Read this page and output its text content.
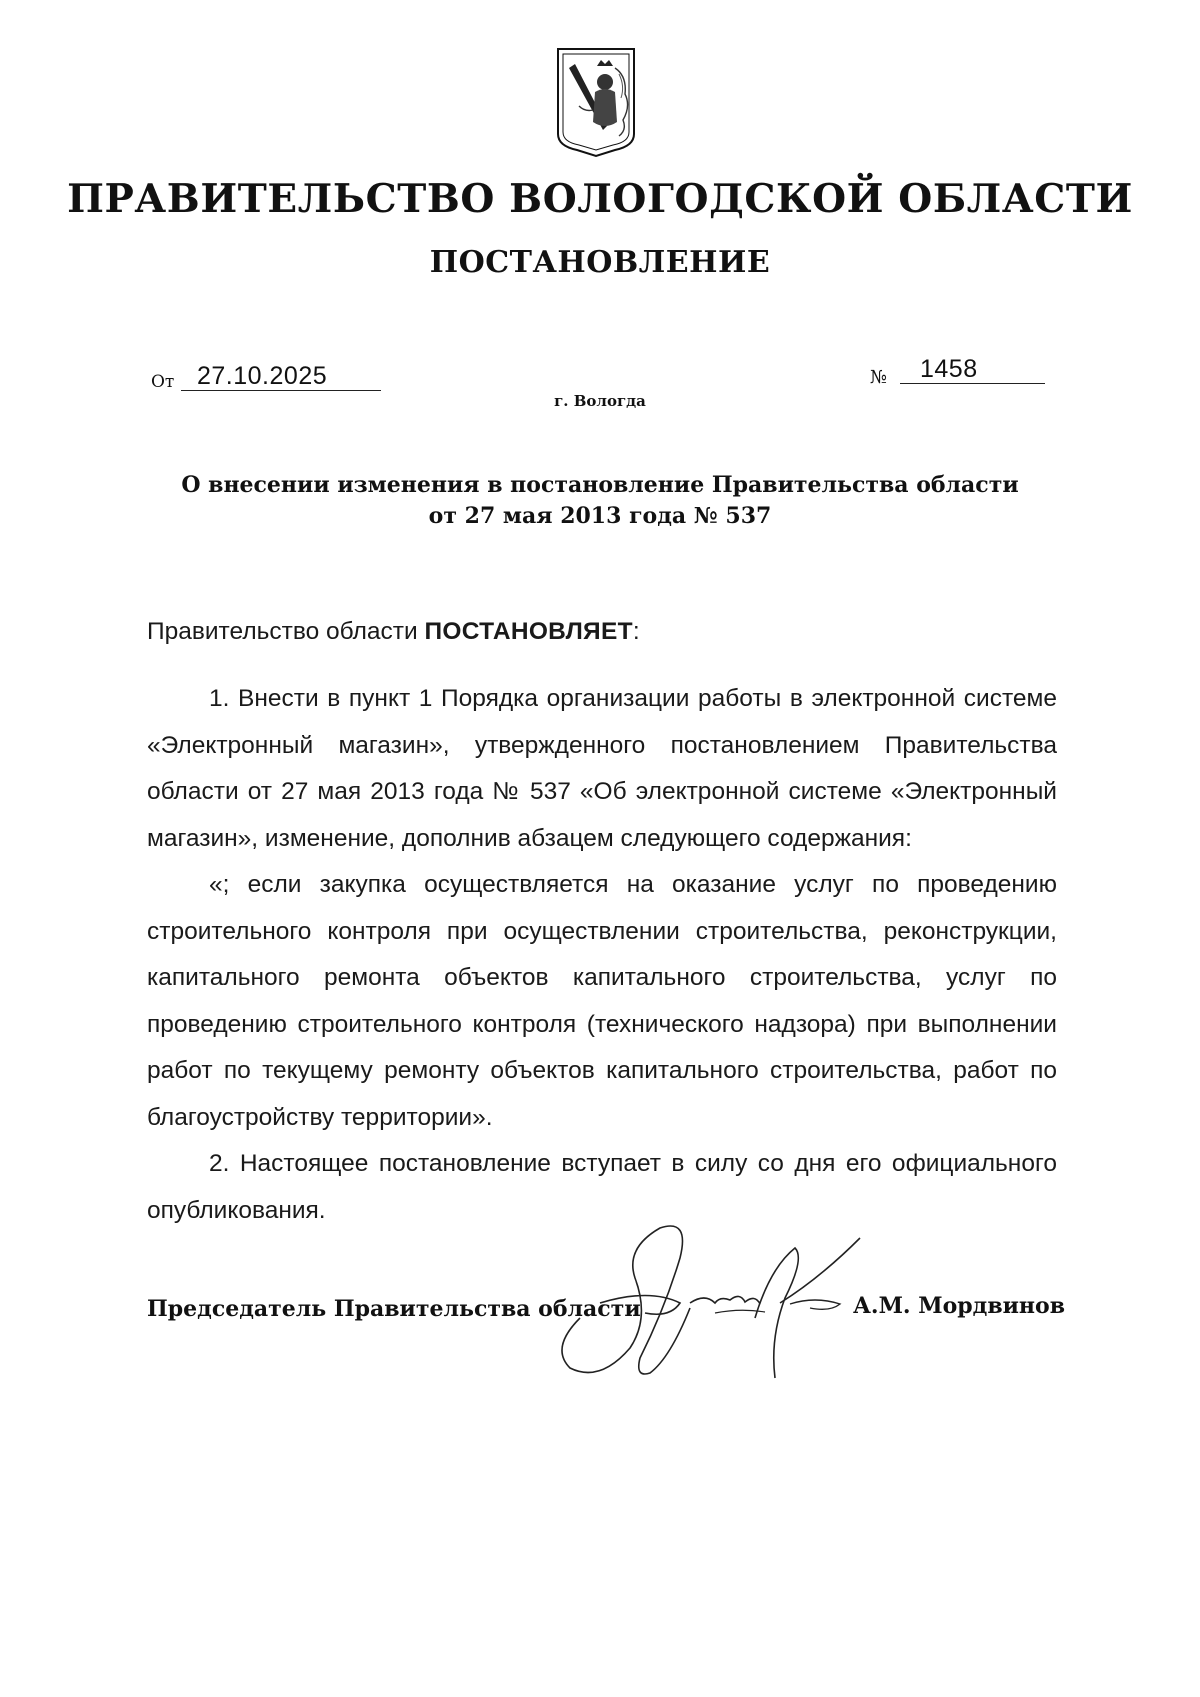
ПРАВИТЕЛЬСТВО ВОЛОГОДСКОЙ ОБЛАСТИ
ПОСТАНОВЛЕНИЕ
От 27.10.2025	№ 1458
г. Вологда
О внесении изменения в постановление Правительства области
от 27 мая 2013 года № 537

Правительство области ПОСТАНОВЛЯЕТ:

1. Внести в пункт 1 Порядка организации работы в электронной системе «Электронный магазин», утвержденного постановлением Правительства области от 27 мая 2013 года № 537 «Об электронной системе «Электронный магазин», изменение, дополнив абзацем следующего содержания:

«; если закупка осуществляется на оказание услуг по проведению строительного контроля при осуществлении строительства, реконструкции, капитального ремонта объектов капитального строительства, услуг по проведению строительного контроля (технического надзора) при выполнении работ по текущему ремонту объектов капитального строительства, работ по благоустройству территории».

2. Настоящее постановление вступает в силу со дня его официального опубликования.

Председатель Правительства области	А.М. Мордвинов
